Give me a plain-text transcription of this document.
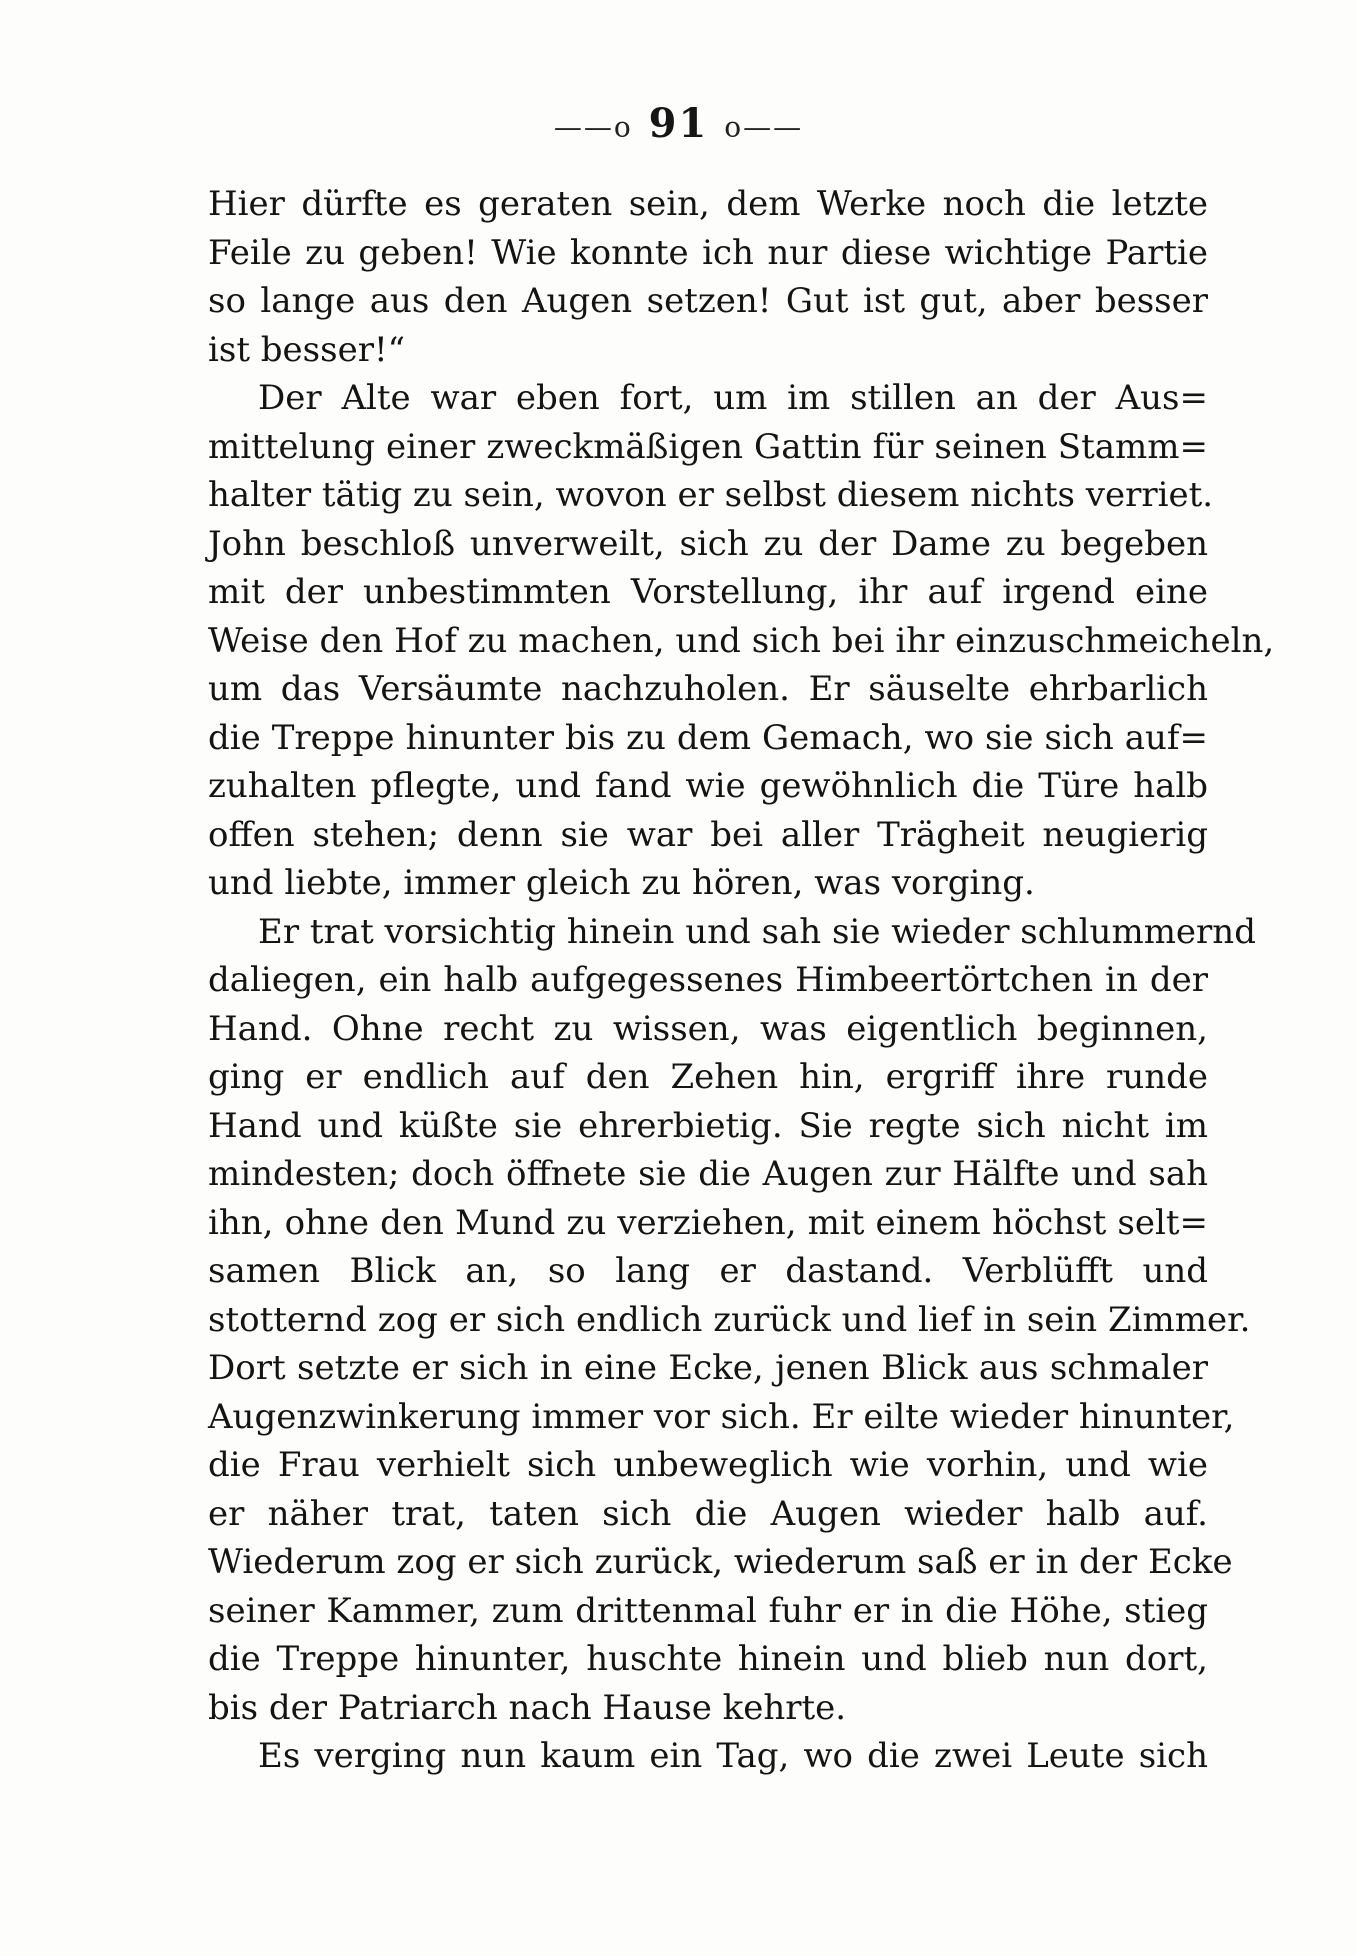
——o 91 o——
Hier dürfte es geraten sein, dem Werke noch die letzte
Feile zu geben! Wie konnte ich nur diese wichtige Partie
so lange aus den Augen setzen! Gut ist gut, aber besser
ist besser!“
Der Alte war eben fort, um im stillen an der Aus=
mittelung einer zweckmäßigen Gattin für seinen Stamm=
halter tätig zu sein, wovon er selbst diesem nichts verriet.
John beschloß unverweilt, sich zu der Dame zu begeben
mit der unbestimmten Vorstellung, ihr auf irgend eine
Weise den Hof zu machen, und sich bei ihr einzuschmeicheln,
um das Versäumte nachzuholen. Er säuselte ehrbarlich
die Treppe hinunter bis zu dem Gemach, wo sie sich auf=
zuhalten pflegte, und fand wie gewöhnlich die Türe halb
offen stehen; denn sie war bei aller Trägheit neugierig
und liebte, immer gleich zu hören, was vorging.
Er trat vorsichtig hinein und sah sie wieder schlummernd
daliegen, ein halb aufgegessenes Himbeertörtchen in der
Hand. Ohne recht zu wissen, was eigentlich beginnen,
ging er endlich auf den Zehen hin, ergriff ihre runde
Hand und küßte sie ehrerbietig. Sie regte sich nicht im
mindesten; doch öffnete sie die Augen zur Hälfte und sah
ihn, ohne den Mund zu verziehen, mit einem höchst selt=
samen Blick an, so lang er dastand. Verblüfft und
stotternd zog er sich endlich zurück und lief in sein Zimmer.
Dort setzte er sich in eine Ecke, jenen Blick aus schmaler
Augenzwinkerung immer vor sich. Er eilte wieder hinunter,
die Frau verhielt sich unbeweglich wie vorhin, und wie
er näher trat, taten sich die Augen wieder halb auf.
Wiederum zog er sich zurück, wiederum saß er in der Ecke
seiner Kammer, zum drittenmal fuhr er in die Höhe, stieg
die Treppe hinunter, huschte hinein und blieb nun dort,
bis der Patriarch nach Hause kehrte.
Es verging nun kaum ein Tag, wo die zwei Leute sich
